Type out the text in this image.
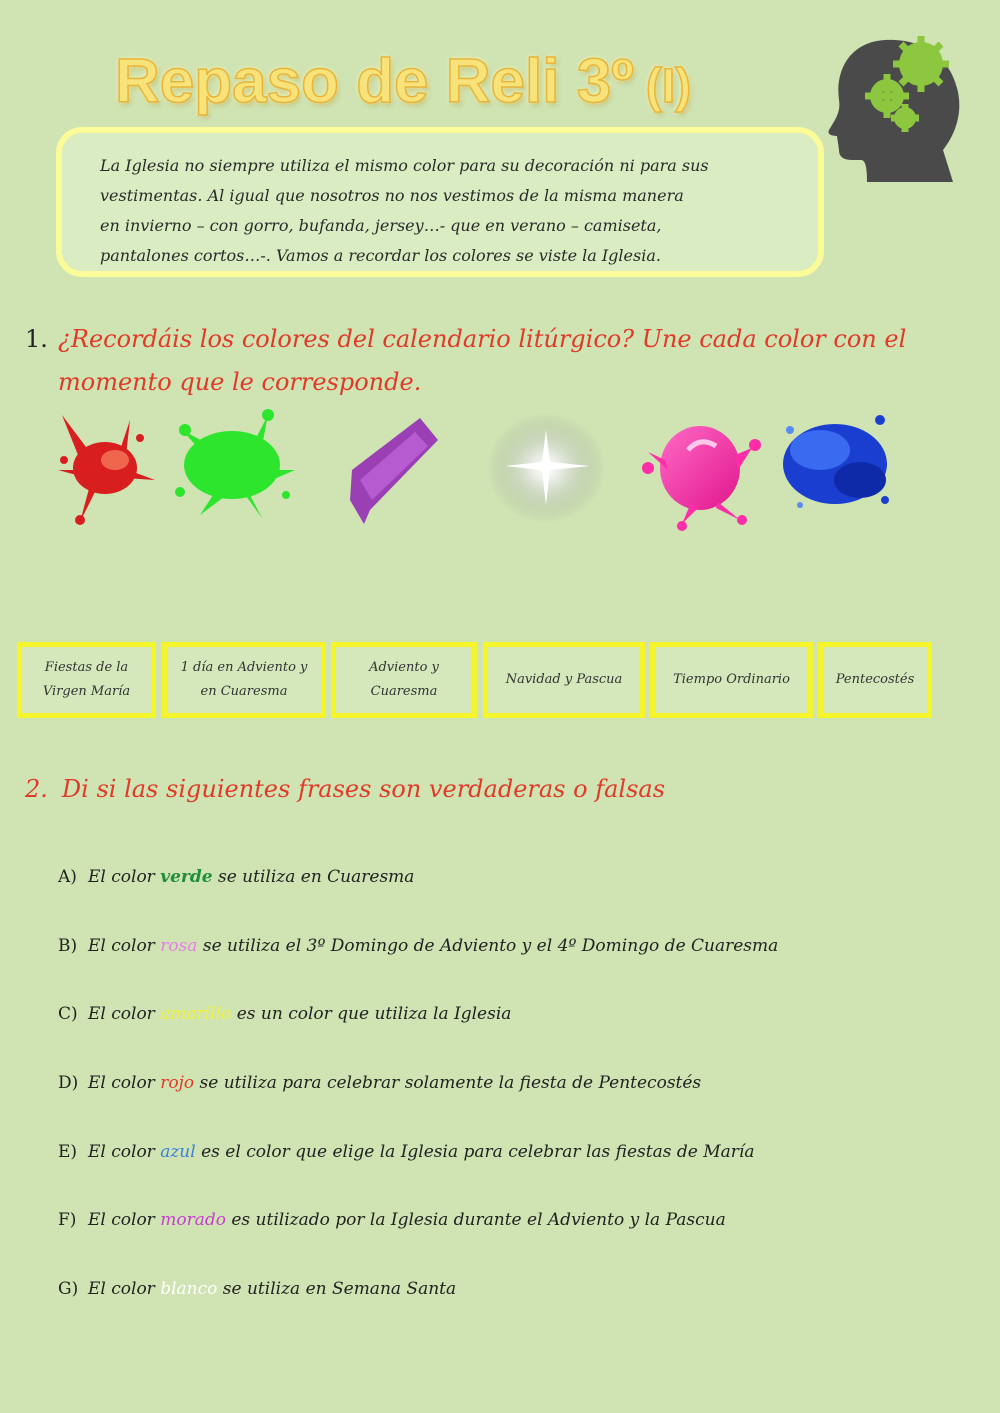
Repaso de Reli 3º (I)
La Iglesia no siempre utiliza el mismo color para su decoración ni para sus
vestimentas. Al igual que nosotros no nos vestimos de la misma manera
en invierno – con gorro, bufanda, jersey…- que en verano – camiseta,
pantalones cortos…-. Vamos a recordar los colores se viste la Iglesia.
1. ¿Recordáis los colores del calendario litúrgico? Une cada color con el momento que le corresponde.
Fiestas de la Virgen María
1 día en Adviento y en Cuaresma
Adviento y Cuaresma
Navidad y Pascua	Tiempo Ordinario	Pentecostés
2. Di si las siguientes frases son verdaderas o falsas
A) El color verde se utiliza en Cuaresma
B) El color rosa se utiliza el 3º Domingo de Adviento y el 4º Domingo de Cuaresma
C) El color amarillo es un color que utiliza la Iglesia
D) El color rojo se utiliza para celebrar solamente la fiesta de Pentecostés
E) El color azul es el color que elige la Iglesia para celebrar las fiestas de María
F) El color morado es utilizado por la Iglesia durante el Adviento y la Pascua
G) El color blanco se utiliza en Semana Santa
